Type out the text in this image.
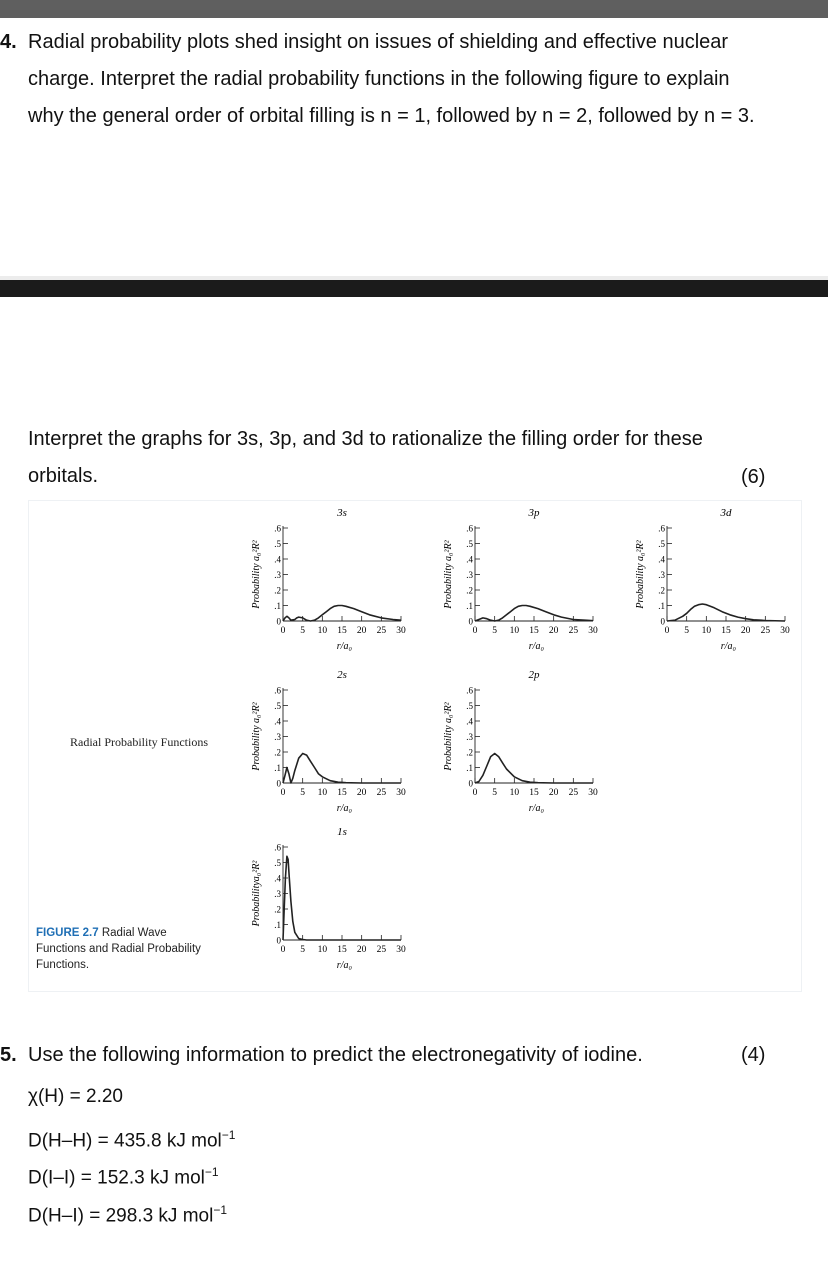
4. Radial probability plots shed insight on issues of shielding and effective nuclear
charge. Interpret the radial probability functions in the following figure to explain
why the general order of orbital filling is n = 1, followed by n = 2, followed by n = 3.
Interpret the graphs for 3s, 3p, and 3d to rationalize the filling order for these
orbitals.	(6)
Radial Probability Functions
FIGURE 2.7 Radial Wave Functions and Radial Probability Functions.
3s
.6
.5
.4
.3
.2
.1
0
0 5 10 15 20 25 30
r/a₀
Probability a₀²R²
3p
.6
.5
.4
.3
.2
.1
0
0 5 10 15 20 25 30
r/a₀
Probability a₀²R²
3d
.6
.5
.4
.3
.2
.1
0
0 5 10 15 20 25 30
r/a₀
Probability a₀²R²
2s
.6
.5
.4
.3
.2
.1
0
0 5 10 15 20 25 30
r/a₀
Probability a₀²R²
2p
.6
.5
.4
.3
.2
.1
0
0 5 10 15 20 25 30
r/a₀
Probability a₀²R²
1s
.6
.5
.4
.3
.2
.1
0
0 5 10 15 20 25 30
r/a₀
Probabilitya₀²R²
5. Use the following information to predict the electronegativity of iodine.	(4)
χ(H) = 2.20
D(H–H) = 435.8 kJ mol$^{-1}$
D(I–I) = 152.3 kJ mol$^{-1}$
D(H–I) = 298.3 kJ mol$^{-1}$
